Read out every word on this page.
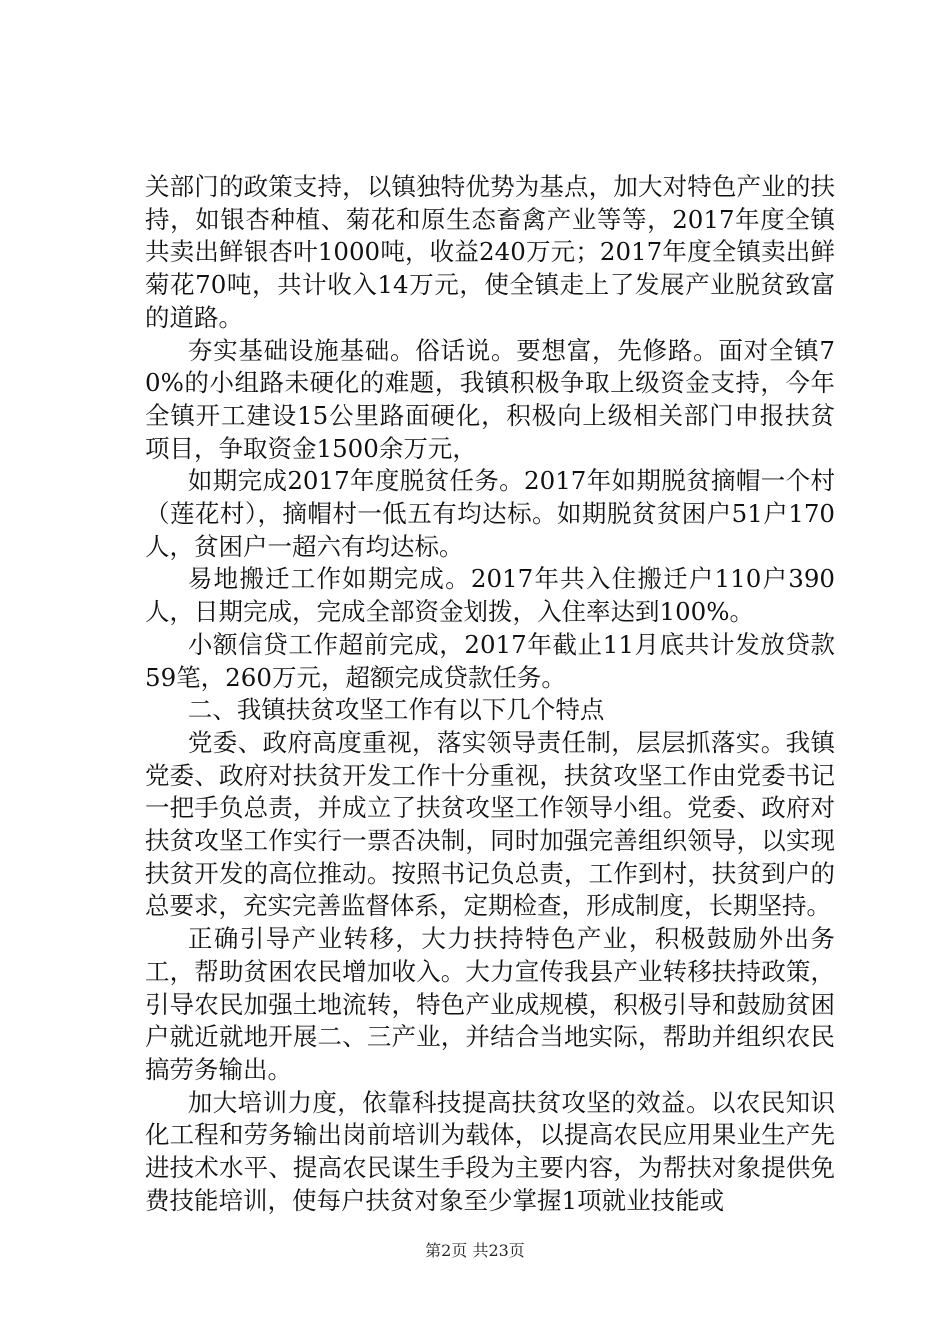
关部门的政策支持，以镇独特优势为基点，加大对特色产业的扶持，如银杏种植、菊花和原生态畜禽产业等等，2017年度全镇共卖出鲜银杏叶1000吨，收益240万元；2017年度全镇卖出鲜菊花70吨，共计收入14万元，使全镇走上了发展产业脱贫致富的道路。

夯实基础设施基础。俗话说。要想富，先修路。面对全镇70%的小组路未硬化的难题，我镇积极争取上级资金支持，今年全镇开工建设15公里路面硬化，积极向上级相关部门申报扶贫项目，争取资金1500余万元，

如期完成2017年度脱贫任务。2017年如期脱贫摘帽一个村（莲花村），摘帽村一低五有均达标。如期脱贫贫困户51户170人，贫困户一超六有均达标。

易地搬迁工作如期完成。2017年共入住搬迁户110户390人，日期完成，完成全部资金划拨，入住率达到100%。

小额信贷工作超前完成，2017年截止11月底共计发放贷款59笔，260万元，超额完成贷款任务。

二、我镇扶贫攻坚工作有以下几个特点

党委、政府高度重视，落实领导责任制，层层抓落实。我镇党委、政府对扶贫开发工作十分重视，扶贫攻坚工作由党委书记一把手负总责，并成立了扶贫攻坚工作领导小组。党委、政府对扶贫攻坚工作实行一票否决制，同时加强完善组织领导，以实现扶贫开发的高位推动。按照书记负总责，工作到村，扶贫到户的总要求，充实完善监督体系，定期检查，形成制度，长期坚持。

正确引导产业转移，大力扶持特色产业，积极鼓励外出务工，帮助贫困农民增加收入。大力宣传我县产业转移扶持政策，引导农民加强土地流转，特色产业成规模，积极引导和鼓励贫困户就近就地开展二、三产业，并结合当地实际，帮助并组织农民搞劳务输出。

加大培训力度，依靠科技提高扶贫攻坚的效益。以农民知识化工程和劳务输出岗前培训为载体，以提高农民应用果业生产先进技术水平、提高农民谋生手段为主要内容，为帮扶对象提供免费技能培训，使每户扶贫对象至少掌握1项就业技能或

第2页 共23页
